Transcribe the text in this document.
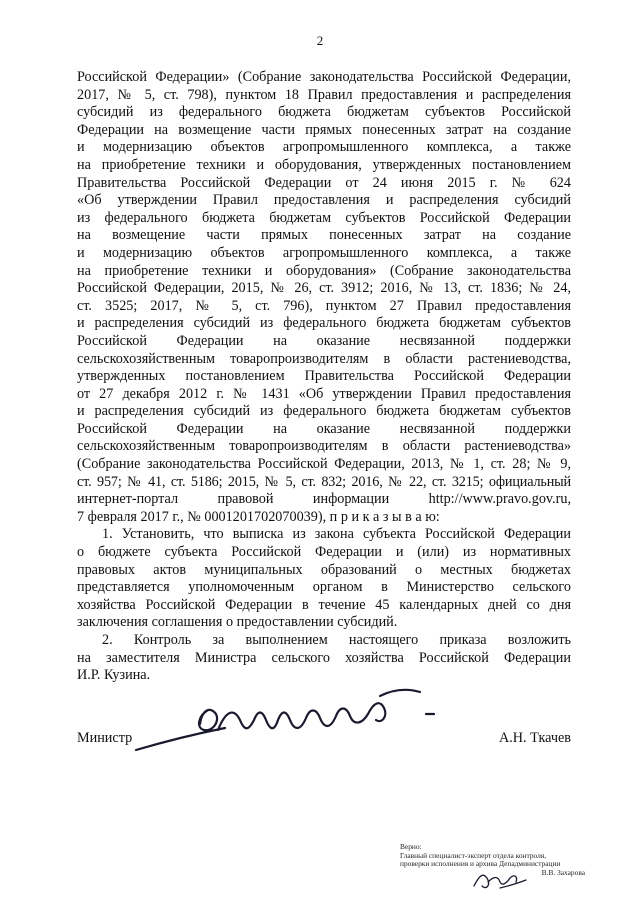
2
Российской Федерации» (Собрание законодательства Российской Федерации,
2017, № 5, ст. 798), пунктом 18 Правил предоставления и распределения
субсидий из федерального бюджета бюджетам субъектов Российской
Федерации на возмещение части прямых понесенных затрат на создание
и модернизацию объектов агропромышленного комплекса, а также
на приобретение техники и оборудования, утвержденных постановлением
Правительства Российской Федерации от 24 июня 2015 г. № 624
«Об утверждении Правил предоставления и распределения субсидий
из федерального бюджета бюджетам субъектов Российской Федерации
на возмещение части прямых понесенных затрат на создание
и модернизацию объектов агропромышленного комплекса, а также
на приобретение техники и оборудования» (Собрание законодательства
Российской Федерации, 2015, № 26, ст. 3912; 2016, № 13, ст. 1836; № 24,
ст. 3525; 2017, № 5, ст. 796), пунктом 27 Правил предоставления
и распределения субсидий из федерального бюджета бюджетам субъектов
Российской Федерации на оказание несвязанной поддержки
сельскохозяйственным товаропроизводителям в области растениеводства,
утвержденных постановлением Правительства Российской Федерации
от 27 декабря 2012 г. № 1431 «Об утверждении Правил предоставления
и распределения субсидий из федерального бюджета бюджетам субъектов
Российской Федерации на оказание несвязанной поддержки
сельскохозяйственным товаропроизводителям в области растениеводства»
(Собрание законодательства Российской Федерации, 2013, № 1, ст. 28; № 9,
ст. 957; № 41, ст. 5186; 2015, № 5, ст. 832; 2016, № 22, ст. 3215; официальный
интернет-портал правовой информации http://www.pravo.gov.ru,
7 февраля 2017 г., № 0001201702070039), п р и к а з ы в а ю:
1. Установить, что выписка из закона субъекта Российской Федерации
о бюджете субъекта Российской Федерации и (или) из нормативных
правовых актов муниципальных образований о местных бюджетах
представляется уполномоченным органом в Министерство сельского
хозяйства Российской Федерации в течение 45 календарных дней со дня
заключения соглашения о предоставлении субсидий.
2. Контроль за выполнением настоящего приказа возложить
на заместителя Министра сельского хозяйства Российской Федерации
И.Р. Кузина.
Министр	А.Н. Ткачев
Верно:
Главный специалист-эксперт отдела контроля,
проверки исполнения и архива Депадминистрации
В.В. Захарова
